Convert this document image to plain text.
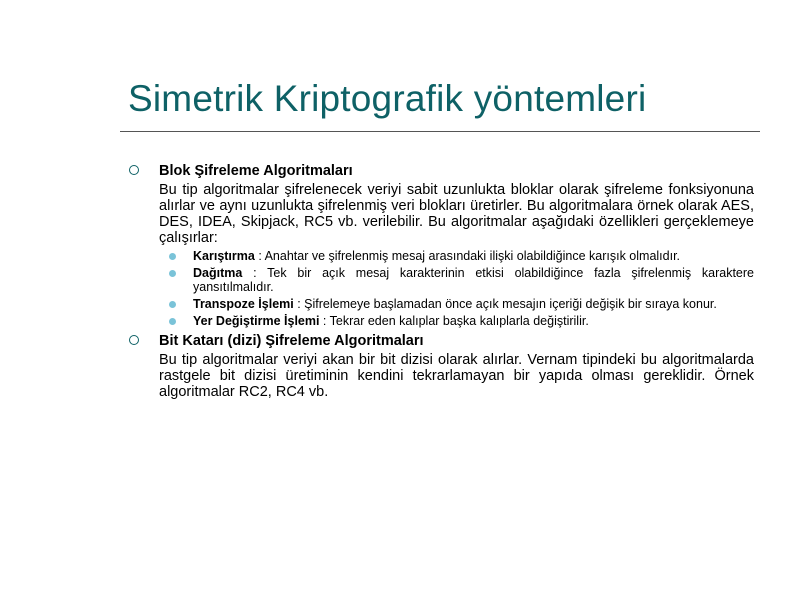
Simetrik Kriptografik yöntemleri
Blok Şifreleme Algoritmaları
Bu tip algoritmalar şifrelenecek veriyi sabit uzunlukta bloklar olarak şifreleme fonksiyonuna alırlar ve aynı uzunlukta şifrelenmiş veri blokları üretirler. Bu algoritmalara örnek olarak AES, DES, IDEA, Skipjack, RC5 vb. verilebilir. Bu algoritmalar aşağıdaki özellikleri gerçeklemeye çalışırlar:
Karıştırma : Anahtar ve şifrelenmiş mesaj arasındaki ilişki olabildiğince karışık olmalıdır.
Dağıtma : Tek bir açık mesaj karakterinin etkisi olabildiğince fazla şifrelenmiş karaktere yansıtılmalıdır.
Transpoze İşlemi : Şifrelemeye başlamadan önce açık mesajın içeriği değişik bir sıraya konur.
Yer Değiştirme İşlemi : Tekrar eden kalıplar başka kalıplarla değiştirilir.
Bit Katarı (dizi) Şifreleme Algoritmaları
Bu tip algoritmalar veriyi akan bir bit dizisi olarak alırlar. Vernam tipindeki bu algoritmalarda rastgele bit dizisi üretiminin kendini tekrarlamayan bir yapıda olması gereklidir. Örnek algoritmalar RC2, RC4 vb.
